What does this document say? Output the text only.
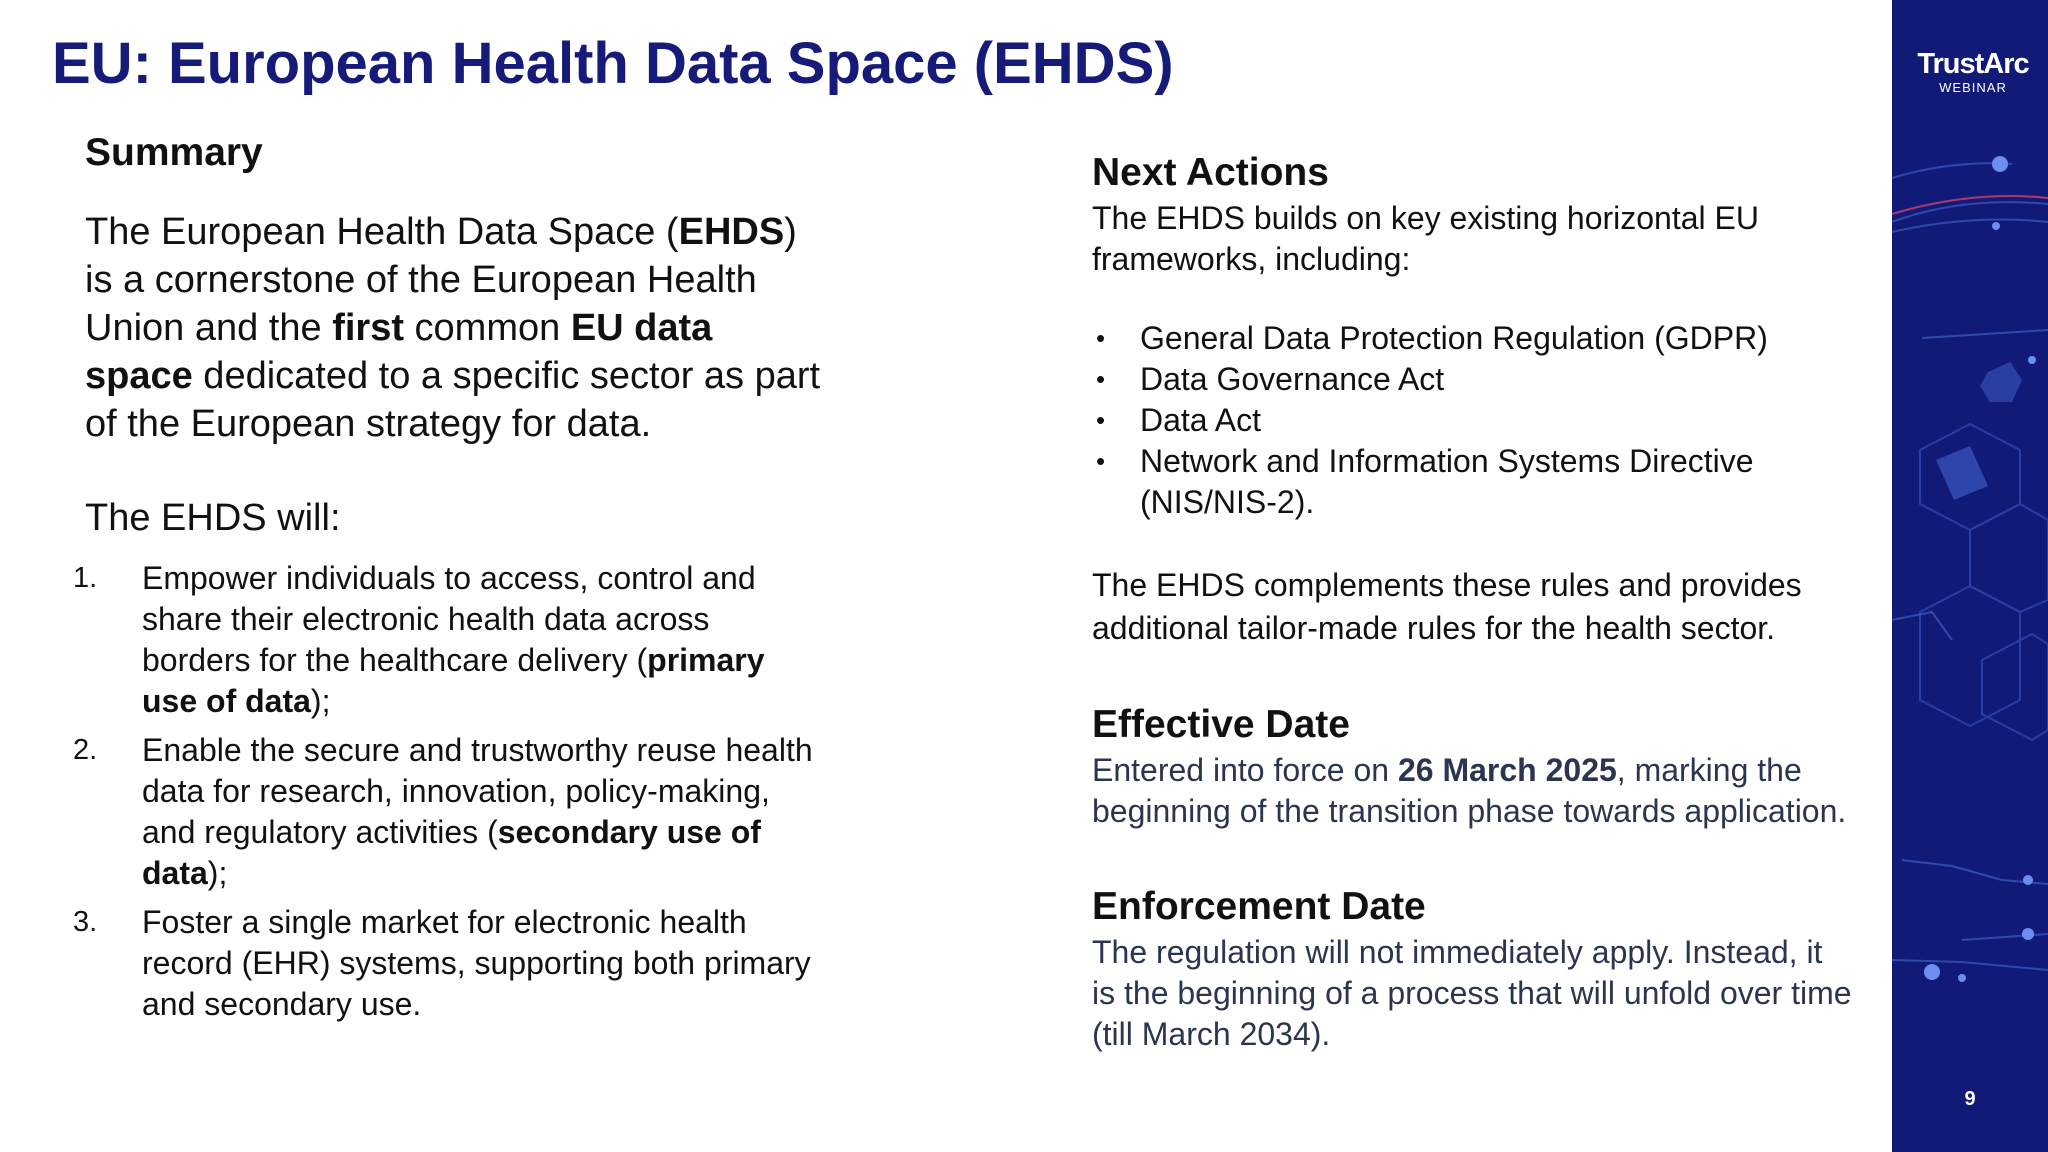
EU: European Health Data Space (EHDS)
Summary

The European Health Data Space (EHDS) is a cornerstone of the European Health Union and the first common EU data space dedicated to a specific sector as part of the European strategy for data.

The EHDS will:

1. Empower individuals to access, control and share their electronic health data across borders for the healthcare delivery (primary use of data);
2. Enable the secure and trustworthy reuse health data for research, innovation, policy-making, and regulatory activities (secondary use of data);
3. Foster a single market for electronic health record (EHR) systems, supporting both primary and secondary use.
Next Actions

The EHDS builds on key existing horizontal EU frameworks, including:

• General Data Protection Regulation (GDPR)
• Data Governance Act
• Data Act
• Network and Information Systems Directive (NIS/NIS-2).

The EHDS complements these rules and provides additional tailor-made rules for the health sector.

Effective Date

Entered into force on 26 March 2025, marking the beginning of the transition phase towards application.

Enforcement Date

The regulation will not immediately apply. Instead, it is the beginning of a process that will unfold over time (till March 2034).

TrustArc
WEBINAR
9
